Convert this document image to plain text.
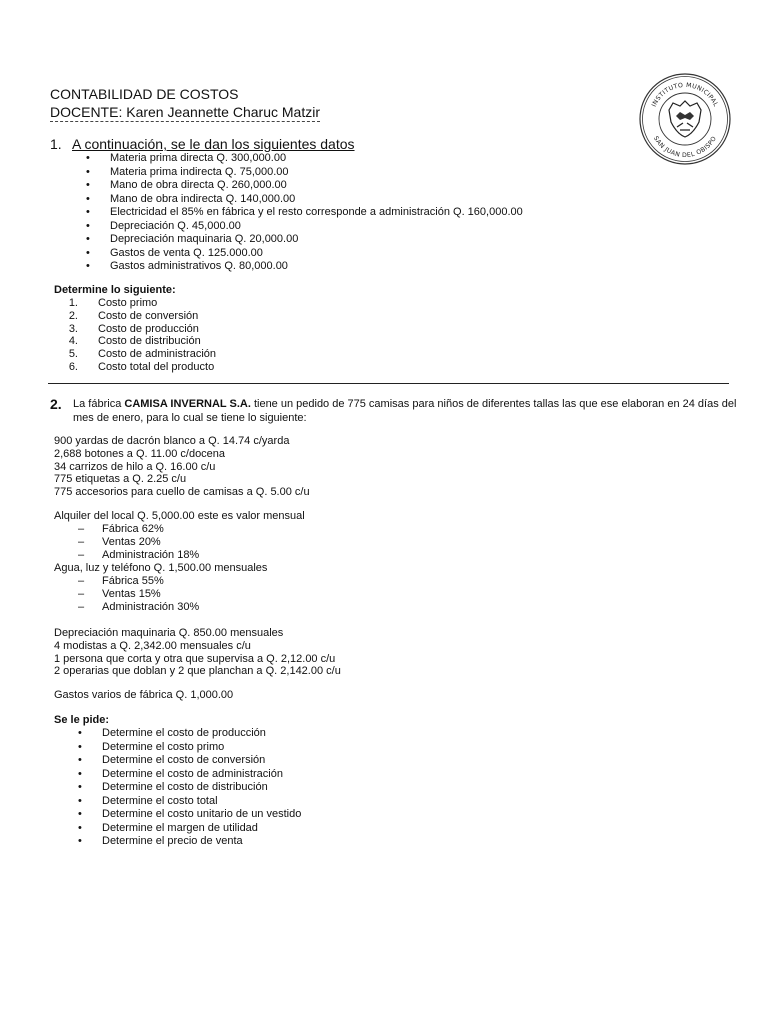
CONTABILIDAD DE COSTOS
DOCENTE: Karen Jeannette Charuc Matzir	INSTITUTO MUNICIPAL
SAN JUAN DEL OBISPO
1. A continuación, se le dan los siguientes datos
• Materia prima directa Q. 300,000.00
• Materia prima indirecta Q. 75,000.00
• Mano de obra directa Q. 260,000.00
• Mano de obra indirecta Q. 140,000.00
• Electricidad el 85% en fábrica y el resto corresponde a administración Q. 160,000.00
• Depreciación Q. 45,000.00
• Depreciación maquinaria Q. 20,000.00
• Gastos de venta Q. 125.000.00
• Gastos administrativos Q. 80,000.00

Determine lo siguiente:

1. Costo primo
2. Costo de conversión
3. Costo de producción
4. Costo de distribución
5. Costo de administración
6. Costo total del producto
2. La fábrica CAMISA INVERNAL S.A. tiene un pedido de 775 camisas para niños de diferentes tallas las que ese elaboran en 24 días del mes de enero, para lo cual se tiene lo siguiente:

900 yardas de dacrón blanco a Q. 14.74 c/yarda
2,688 botones a Q. 11.00 c/docena
34 carrizos de hilo a Q. 16.00 c/u
775 etiquetas a Q. 2.25 c/u
775 accesorios para cuello de camisas a Q. 5.00 c/u

Alquiler del local Q. 5,000.00 este es valor mensual

– Fábrica 62%
– Ventas 20%
– Administración 18%

Agua, luz y teléfono Q. 1,500.00 mensuales

– Fábrica 55%
– Ventas 15%
– Administración 30%
Depreciación maquinaria Q. 850.00 mensuales
4 modistas a Q. 2,342.00 mensuales c/u
1 persona que corta y otra que supervisa a Q. 2,12.00 c/u
2 operarias que doblan y 2 que planchan a Q. 2,142.00 c/u

Gastos varios de fábrica Q. 1,000.00

Se le pide:

• Determine el costo de producción
• Determine el costo primo
• Determine el costo de conversión
• Determine el costo de administración
• Determine el costo de distribución
• Determine el costo total
• Determine el costo unitario de un vestido
• Determine el margen de utilidad
• Determine el precio de venta
